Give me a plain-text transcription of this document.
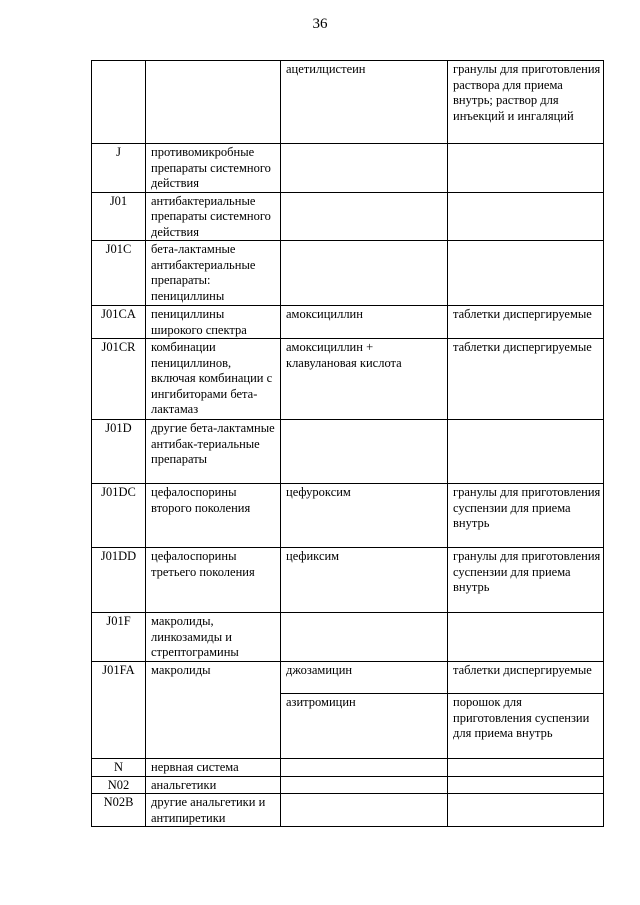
36
		ацетилцистеин	гранулы для приготовления раствора для приема внутрь; раствор для инъекций и ингаляций
J	противомикробные препараты системного действия		
J01	антибактериальные препараты системного действия		
J01C	бета-лактамные антибактериальные препараты: пенициллины		
J01CA	пенициллины широкого спектра	амоксициллин	таблетки диспергируемые
J01CR	комбинации пенициллинов, включая комбинации с ингибиторами бета-лактамаз	амоксициллин + клавулановая кислота	таблетки диспергируемые
J01D	другие бета-лактамные антибак-териальные препараты		
J01DC	цефалоспорины второго поколения	цефуроксим	гранулы для приготовления суспензии для приема внутрь
J01DD	цефалоспорины третьего поколения	цефиксим	гранулы для приготовления суспензии для приема внутрь
J01F	макролиды, линкозамиды и стрептограмины		
J01FA	макролиды	джозамицин	таблетки диспергируемые
		азитромицин	порошок для приготовления суспензии для приема внутрь
N	нервная система		
N02	анальгетики		
N02B	другие анальгетики и антипиретики		
